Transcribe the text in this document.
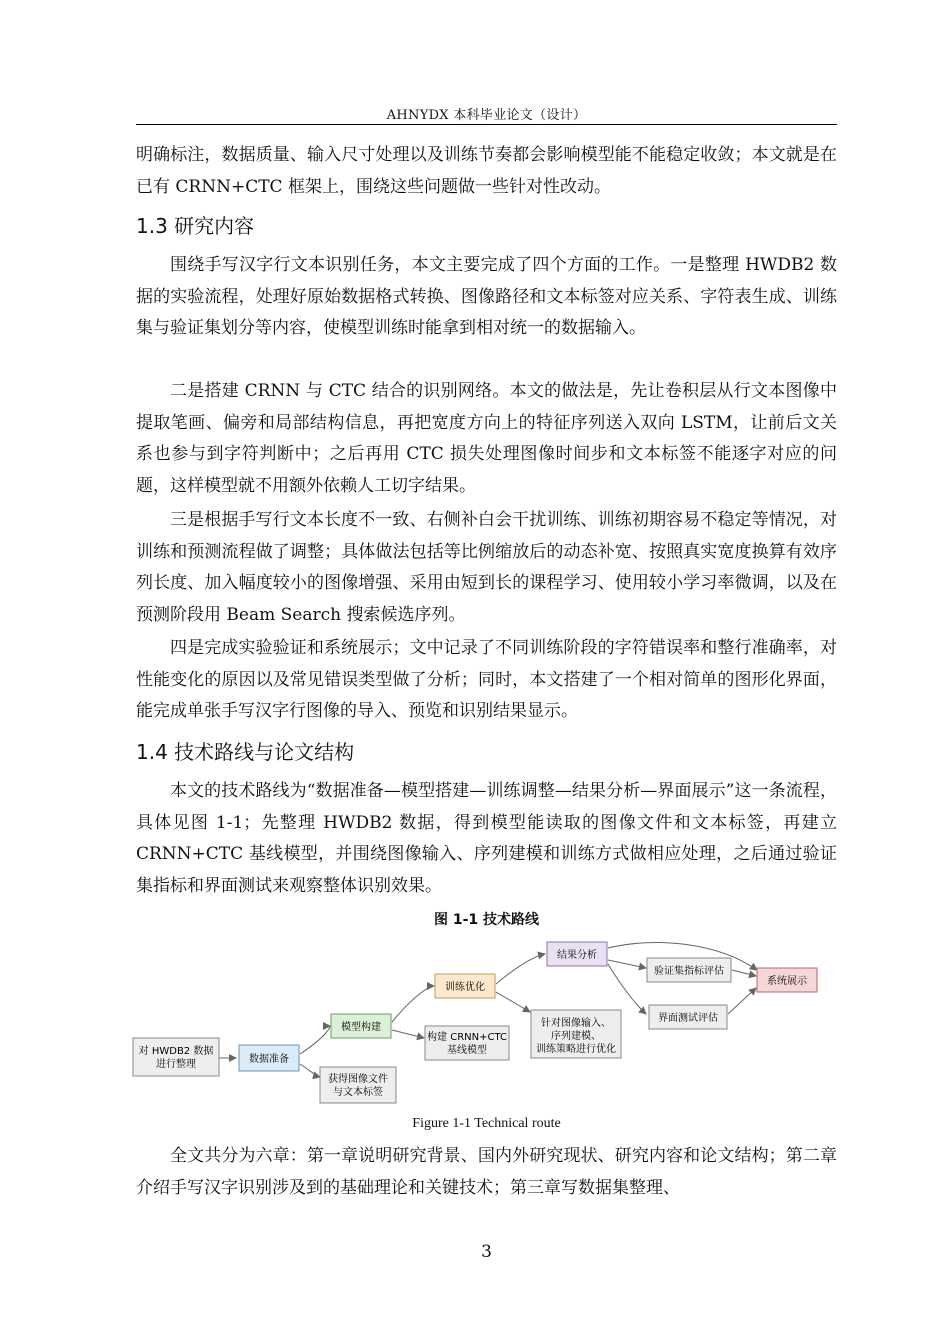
AHNYDX 本科毕业论文（设计）
明确标注，数据质量、输入尺寸处理以及训练节奏都会影响模型能不能稳定收敛；本文就是在已有 CRNN+CTC 框架上，围绕这些问题做一些针对性改动。
1.3 研究内容
围绕手写汉字行文本识别任务，本文主要完成了四个方面的工作。一是整理 HWDB2 数据的实验流程，处理好原始数据格式转换、图像路径和文本标签对应关系、字符表生成、训练集与验证集划分等内容，使模型训练时能拿到相对统一的数据输入。
二是搭建 CRNN 与 CTC 结合的识别网络。本文的做法是，先让卷积层从行文本图像中提取笔画、偏旁和局部结构信息，再把宽度方向上的特征序列送入双向 LSTM，让前后文关系也参与到字符判断中；之后再用 CTC 损失处理图像时间步和文本标签不能逐字对应的问题，这样模型就不用额外依赖人工切字结果。
三是根据手写行文本长度不一致、右侧补白会干扰训练、训练初期容易不稳定等情况，对训练和预测流程做了调整；具体做法包括等比例缩放后的动态补宽、按照真实宽度换算有效序列长度、加入幅度较小的图像增强、采用由短到长的课程学习、使用较小学习率微调，以及在预测阶段用 Beam Search 搜索候选序列。
四是完成实验验证和系统展示；文中记录了不同训练阶段的字符错误率和整行准确率，对性能变化的原因以及常见错误类型做了分析；同时，本文搭建了一个相对简单的图形化界面，能完成单张手写汉字行图像的导入、预览和识别结果显示。
1.4 技术路线与论文结构
本文的技术路线为“数据准备—模型搭建—训练调整—结果分析—界面展示”这一条流程，具体见图 1-1；先整理 HWDB2 数据，得到模型能读取的图像文件和文本标签，再建立 CRNN+CTC 基线模型，并围绕图像输入、序列建模和训练方式做相应处理，之后通过验证集指标和界面测试来观察整体识别效果。
图 1-1 技术路线
对 HWDB2 数据
进行整理	数据准备
获得图像文件
与文本标签
模型构建
构建 CRNN+CTC
基线模型
训练优化
针对图像输入、
序列建模、
训练策略进行优化
结果分析
验证集指标评估
界面测试评估
系统展示
Figure 1-1 Technical route
全文共分为六章：第一章说明研究背景、国内外研究现状、研究内容和论文结构；第二章介绍手写汉字识别涉及到的基础理论和关键技术；第三章写数据集整理、
3
